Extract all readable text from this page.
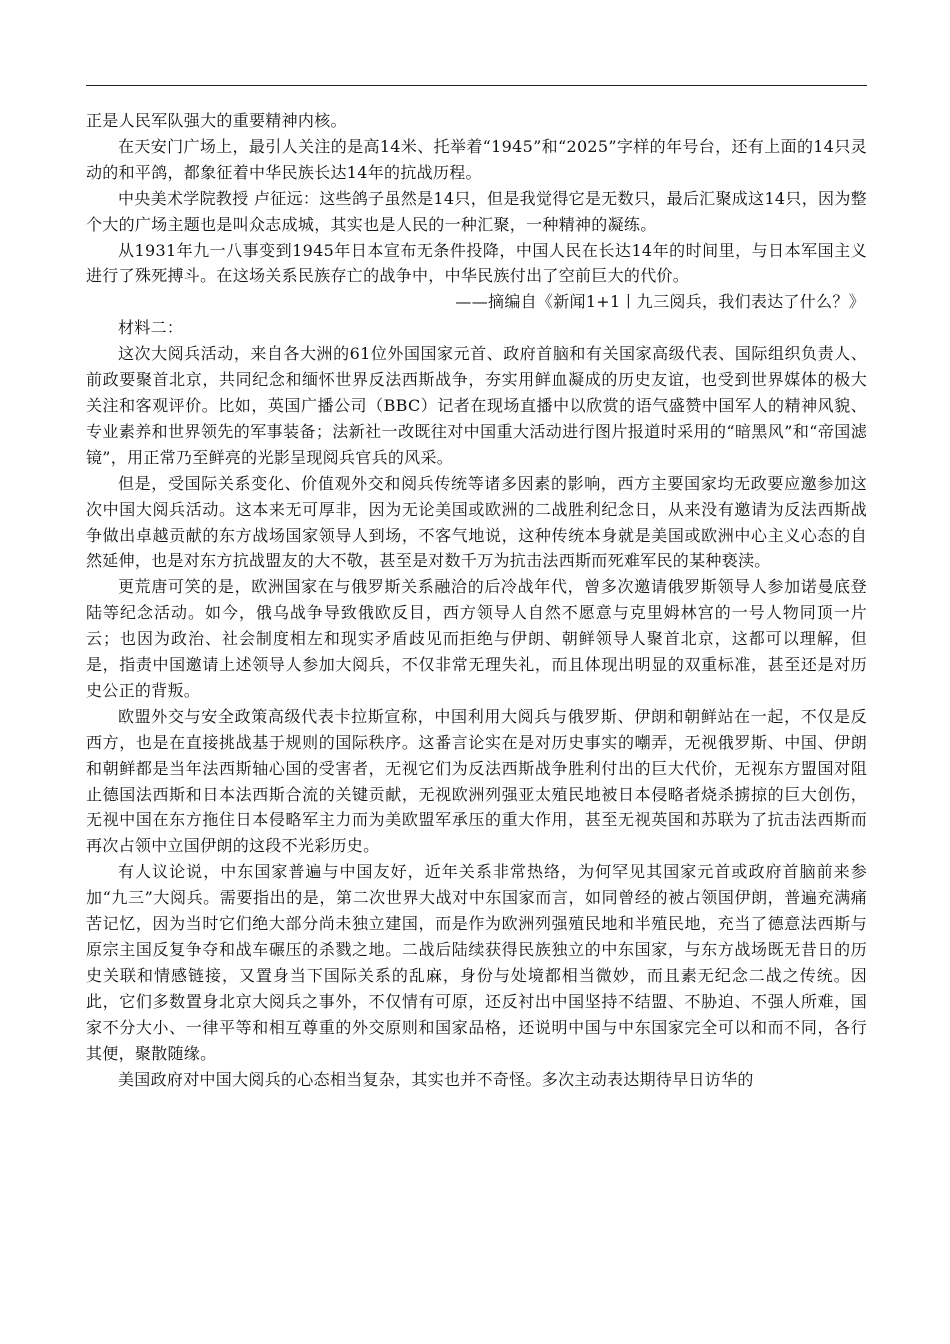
正是人民军队强大的重要精神内核。

在天安门广场上，最引人关注的是高14米、托举着“1945”和“2025”字样的年号台，还有上面的14只灵动的和平鸽，都象征着中华民族长达14年的抗战历程。

中央美术学院教授 卢征远：这些鸽子虽然是14只，但是我觉得它是无数只，最后汇聚成这14只，因为整个大的广场主题也是叫众志成城，其实也是人民的一种汇聚，一种精神的凝练。

从1931年九一八事变到1945年日本宣布无条件投降，中国人民在长达14年的时间里，与日本军国主义进行了殊死搏斗。在这场关系民族存亡的战争中，中华民族付出了空前巨大的代价。

——摘编自《新闻1+1丨九三阅兵，我们表达了什么？》

材料二：

这次大阅兵活动，来自各大洲的61位外国国家元首、政府首脑和有关国家高级代表、国际组织负责人、前政要聚首北京，共同纪念和缅怀世界反法西斯战争，夯实用鲜血凝成的历史友谊，也受到世界媒体的极大关注和客观评价。比如，英国广播公司（BBC）记者在现场直播中以欣赏的语气盛赞中国军人的精神风貌、专业素养和世界领先的军事装备；法新社一改既往对中国重大活动进行图片报道时采用的“暗黑风”和“帝国滤镜”，用正常乃至鲜亮的光影呈现阅兵官兵的风采。

但是，受国际关系变化、价值观外交和阅兵传统等诸多因素的影响，西方主要国家均无政要应邀参加这次中国大阅兵活动。这本来无可厚非，因为无论美国或欧洲的二战胜利纪念日，从来没有邀请为反法西斯战争做出卓越贡献的东方战场国家领导人到场，不客气地说，这种传统本身就是美国或欧洲中心主义心态的自然延伸，也是对东方抗战盟友的大不敬，甚至是对数千万为抗击法西斯而死难军民的某种亵渎。

更荒唐可笑的是，欧洲国家在与俄罗斯关系融洽的后冷战年代，曾多次邀请俄罗斯领导人参加诺曼底登陆等纪念活动。如今，俄乌战争导致俄欧反目，西方领导人自然不愿意与克里姆林宫的一号人物同顶一片云；也因为政治、社会制度相左和现实矛盾歧见而拒绝与伊朗、朝鲜领导人聚首北京，这都可以理解，但是，指责中国邀请上述领导人参加大阅兵，不仅非常无理失礼，而且体现出明显的双重标准，甚至还是对历史公正的背叛。

欧盟外交与安全政策高级代表卡拉斯宣称，中国利用大阅兵与俄罗斯、伊朗和朝鲜站在一起，不仅是反西方，也是在直接挑战基于规则的国际秩序。这番言论实在是对历史事实的嘲弄，无视俄罗斯、中国、伊朗和朝鲜都是当年法西斯轴心国的受害者，无视它们为反法西斯战争胜利付出的巨大代价，无视东方盟国对阻止德国法西斯和日本法西斯合流的关键贡献，无视欧洲列强亚太殖民地被日本侵略者烧杀掳掠的巨大创伤，无视中国在东方拖住日本侵略军主力而为美欧盟军承压的重大作用，甚至无视英国和苏联为了抗击法西斯而再次占领中立国伊朗的这段不光彩历史。

有人议论说，中东国家普遍与中国友好，近年关系非常热络，为何罕见其国家元首或政府首脑前来参加“九三”大阅兵。需要指出的是，第二次世界大战对中东国家而言，如同曾经的被占领国伊朗，普遍充满痛苦记忆，因为当时它们绝大部分尚未独立建国，而是作为欧洲列强殖民地和半殖民地，充当了德意法西斯与原宗主国反复争夺和战车碾压的杀戮之地。二战后陆续获得民族独立的中东国家，与东方战场既无昔日的历史关联和情感链接，又置身当下国际关系的乱麻，身份与处境都相当微妙，而且素无纪念二战之传统。因此，它们多数置身北京大阅兵之事外，不仅情有可原，还反衬出中国坚持不结盟、不胁迫、不强人所难，国家不分大小、一律平等和相互尊重的外交原则和国家品格，还说明中国与中东国家完全可以和而不同，各行其便，聚散随缘。

美国政府对中国大阅兵的心态相当复杂，其实也并不奇怪。多次主动表达期待早日访华的
